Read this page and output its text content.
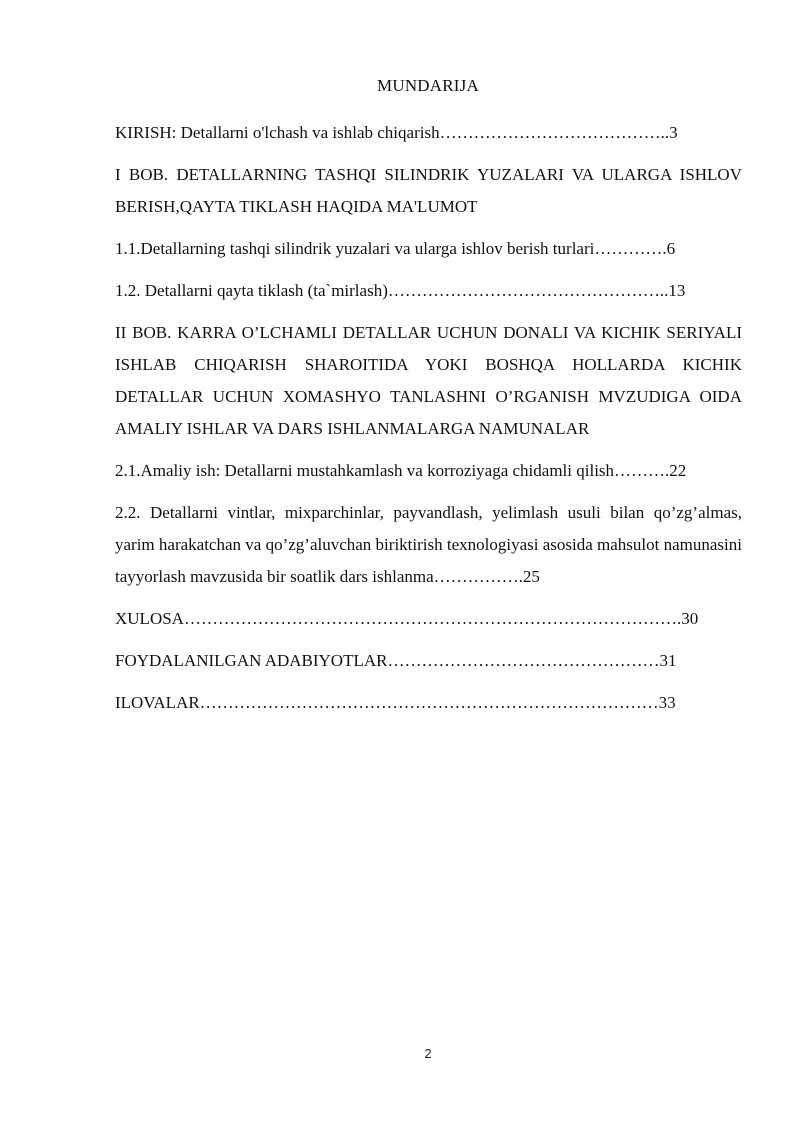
MUNDARIJA

KIRISH: Detallarni o'lchash va ishlab chiqarish…………………………………..3

I BOB. DETALLARNING TASHQI SILINDRIK YUZALARI VA ULARGA ISHLOV BERISH,QAYTA TIKLASH HAQIDA MA'LUMOT

1.1.Detallarning tashqi silindrik yuzalari va ularga ishlov berish turlari………….6

1.2. Detallarni qayta tiklash (ta`mirlash)…………………………………………..13

II BOB. KARRA O’LCHAMLI DETALLAR UCHUN DONALI VA KICHIK SERIYALI ISHLAB CHIQARISH SHAROITIDA YOKI BOSHQA HOLLARDA KICHIK DETALLAR UCHUN XOMASHYO TANLASHNI O’RGANISH MVZUDIGA OIDA AMALIY ISHLAR VA DARS ISHLANMALARGA NAMUNALAR

2.1.Amaliy ish: Detallarni mustahkamlash va korroziyaga chidamli qilish……….22

2.2. Detallarni vintlar, mixparchinlar, payvandlash, yelimlash usuli bilan qo’zg’almas, yarim harakatchan va qo’zg’aluvchan biriktirish texnologiyasi asosida mahsulot namunasini tayyorlash mavzusida bir soatlik dars ishlanma…………….25

XULOSA…………………………………………………………………………….30

FOYDALANILGAN ADABIYOTLAR…………………………………………31

ILOVALAR………………………………………………………………………33

2
